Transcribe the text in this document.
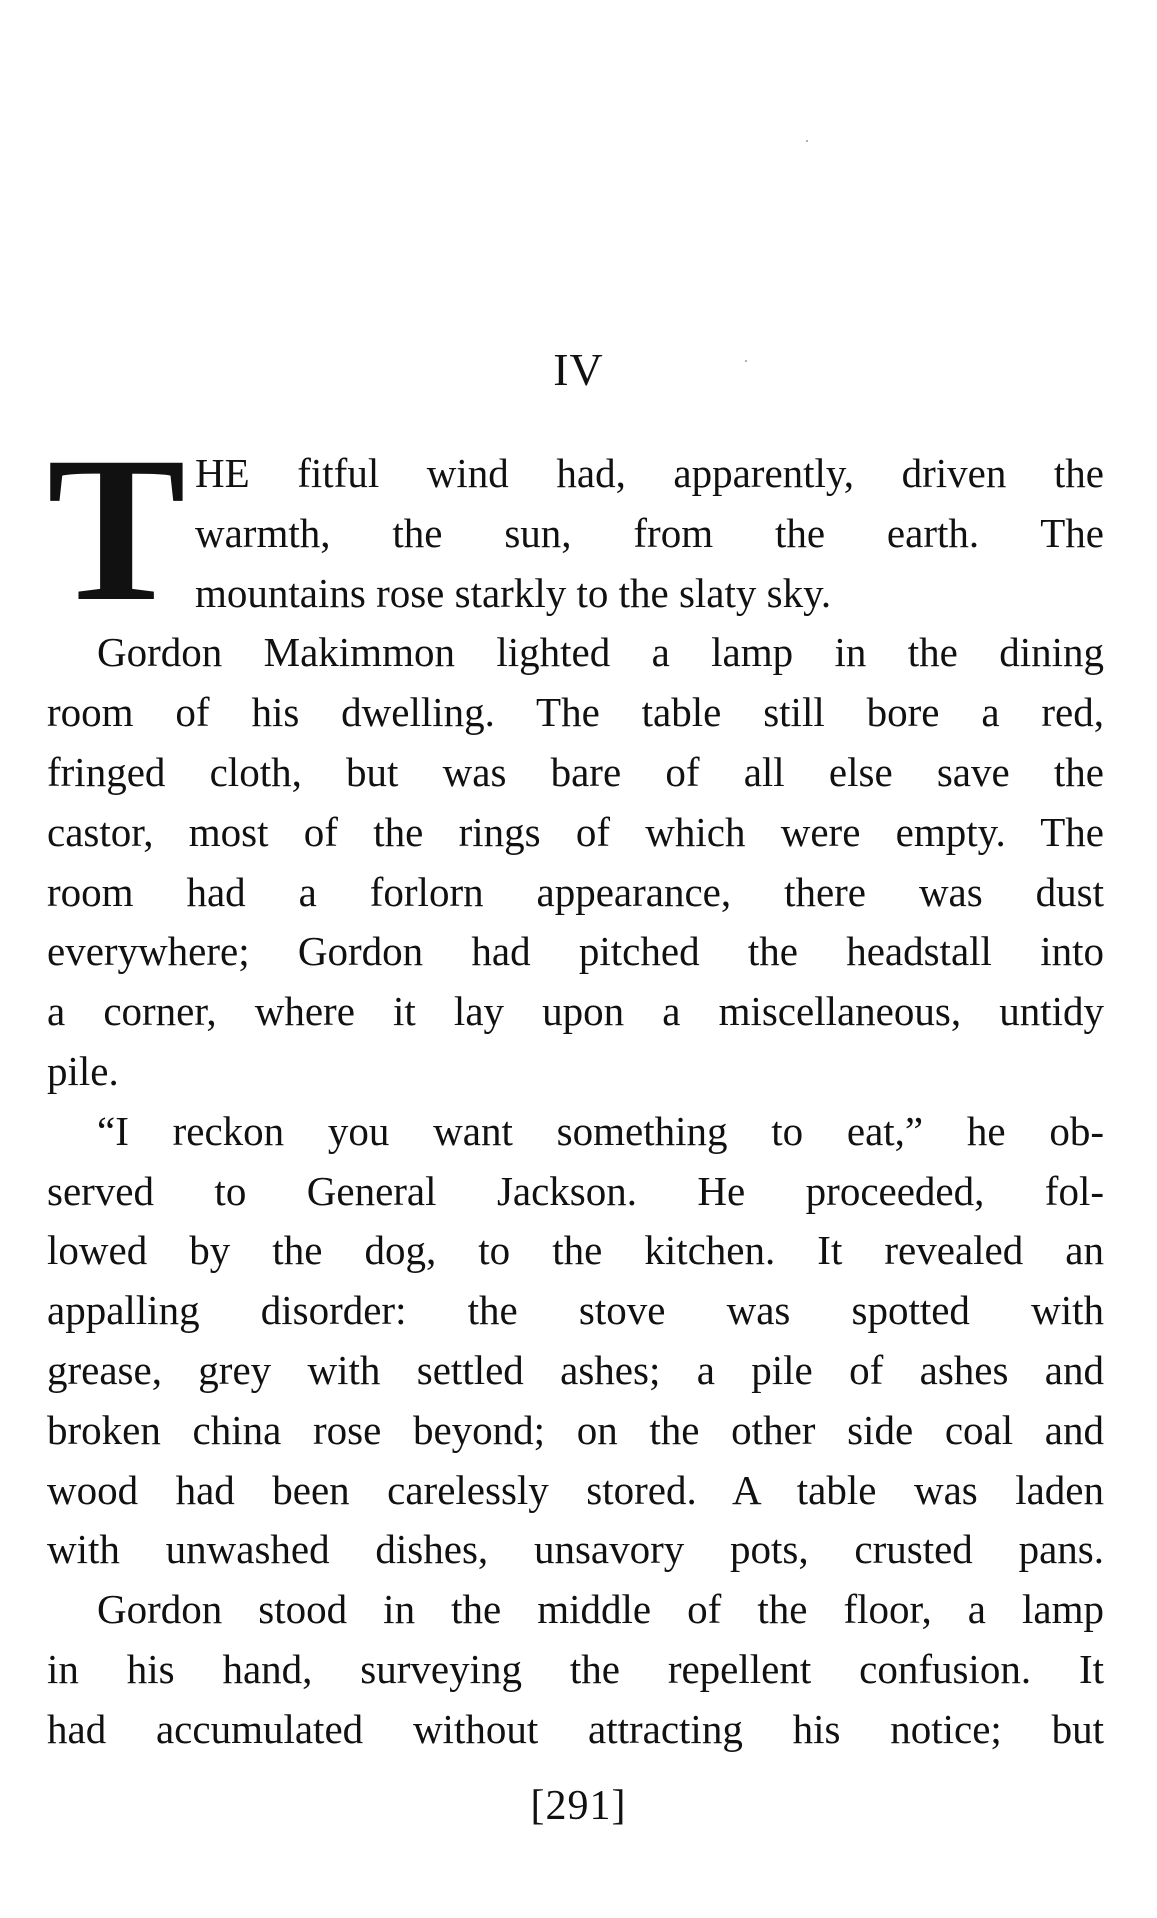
IV
T HE fitful wind had, apparently, driven the
warmth, the sun, from the earth. The
mountains rose starkly to the slaty sky.
Gordon Makimmon lighted a lamp in the dining
room of his dwelling. The table still bore a red,
fringed cloth, but was bare of all else save the
castor, most of the rings of which were empty. The
room had a forlorn appearance, there was dust
everywhere; Gordon had pitched the headstall into
a corner, where it lay upon a miscellaneous, untidy
pile.
“I reckon you want something to eat,” he ob-
served to General Jackson. He proceeded, fol-
lowed by the dog, to the kitchen. It revealed an
appalling disorder: the stove was spotted with
grease, grey with settled ashes; a pile of ashes and
broken china rose beyond; on the other side coal and
wood had been carelessly stored. A table was laden
with unwashed dishes, unsavory pots, crusted pans.
Gordon stood in the middle of the floor, a lamp
in his hand, surveying the repellent confusion. It
had accumulated without attracting his notice; but
[291]
